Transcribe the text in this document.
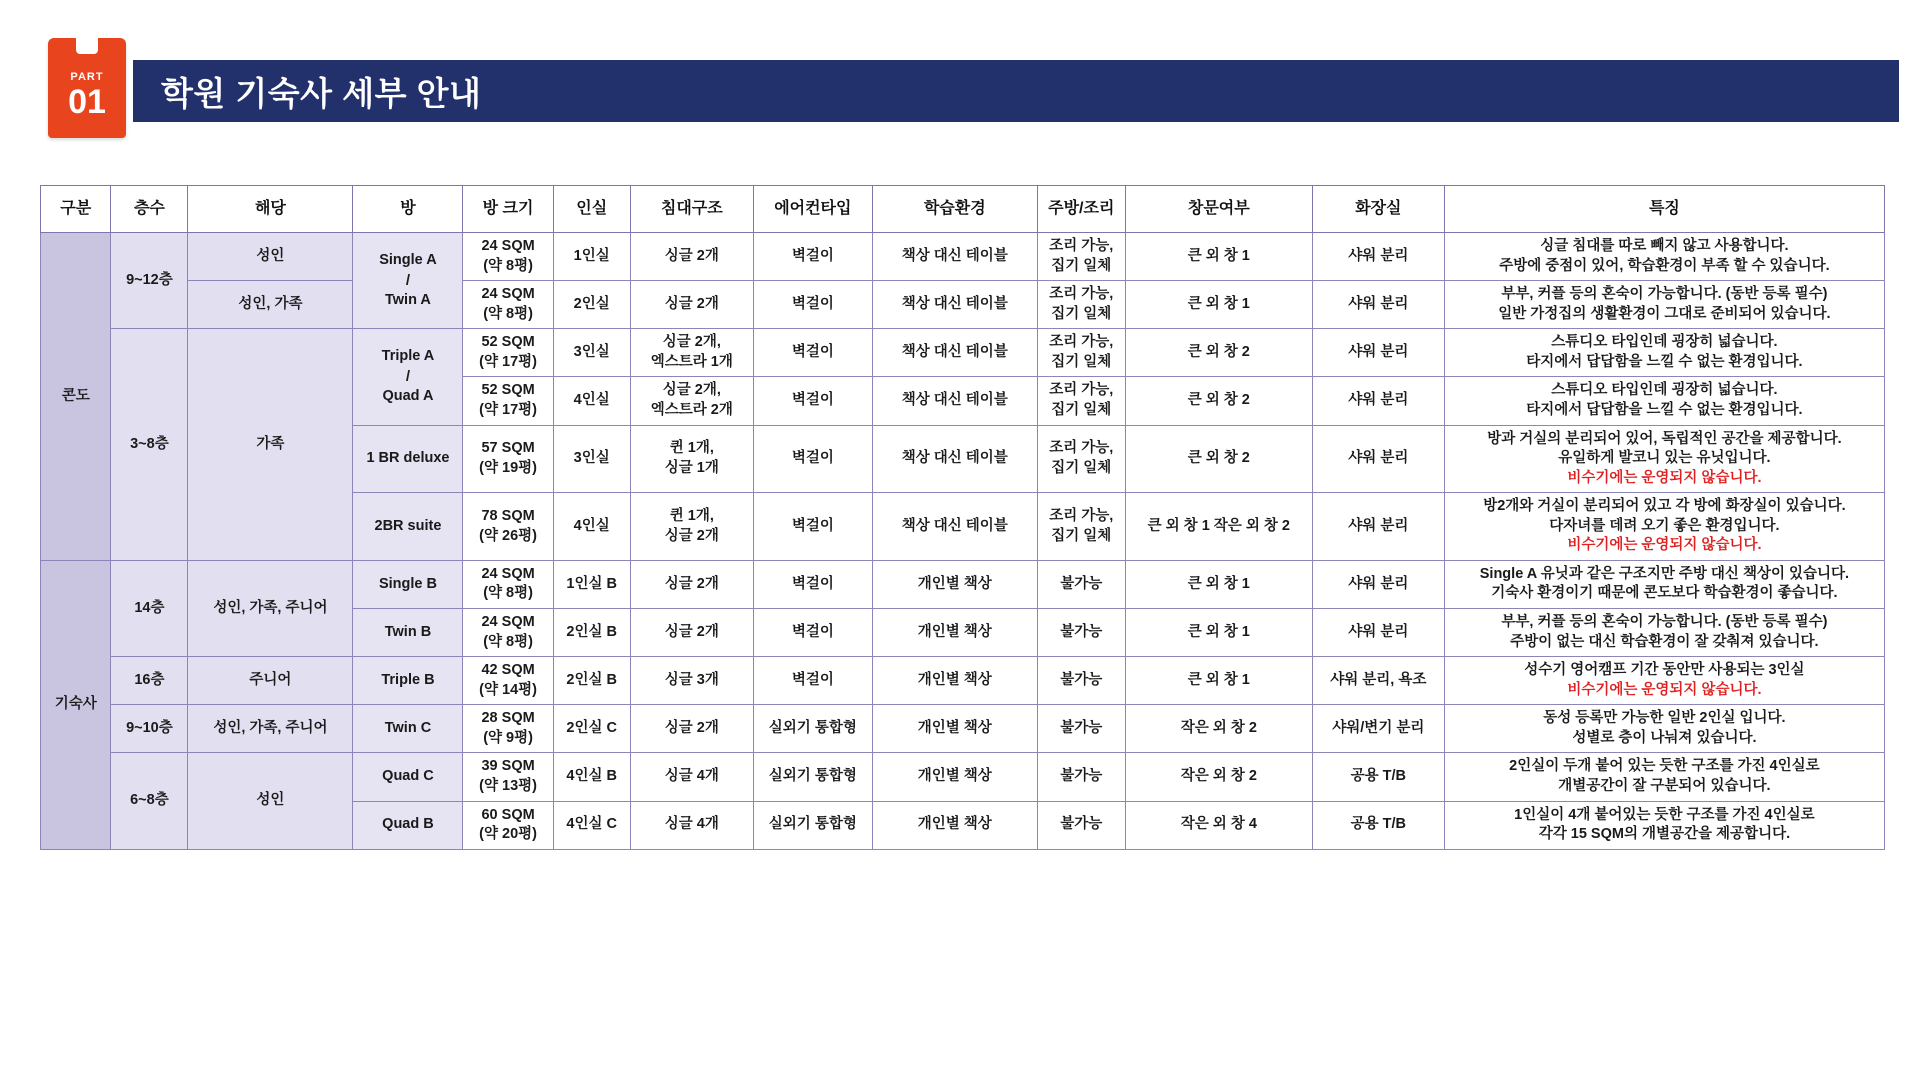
학원 기숙사 세부 안내
PART
01
구분	층수	해당	방	방 크기	인실	침대구조	에어컨타입	학습환경	주방/조리	창문여부	화장실	특징
콘도	9~12층	성인	Single A
/
Twin A	24 SQM
(약 8평)	1인실	싱글 2개	벽걸이	책상 대신 테이블	조리 가능,
집기 일체	큰 외 창 1	샤워 분리	싱글 침대를 따로 빼지 않고 사용합니다.
주방에 중점이 있어, 학습환경이 부족 할 수 있습니다.

		성인, 가족		24 SQM
(약 8평)	2인실	싱글 2개	벽걸이	책상 대신 테이블	조리 가능,
집기 일체	큰 외 창 1	샤워 분리	부부, 커플 등의 혼숙이 가능합니다. (동반 등록 필수)
일반 가정집의 생활환경이 그대로 준비되어 있습니다.

	3~8층	가족	Triple A
/
Quad A	52 SQM
(약 17평)	3인실	싱글 2개,
엑스트라 1개	벽걸이	책상 대신 테이블	조리 가능,
집기 일체	큰 외 창 2	샤워 분리	스튜디오 타입인데 굉장히 넓습니다.
타지에서 답답함을 느낄 수 없는 환경입니다.

				52 SQM
(약 17평)	4인실	싱글 2개,
엑스트라 2개	벽걸이	책상 대신 테이블	조리 가능,
집기 일체	큰 외 창 2	샤워 분리	스튜디오 타입인데 굉장히 넓습니다.
타지에서 답답함을 느낄 수 없는 환경입니다.

			1 BR deluxe	57 SQM
(약 19평)	3인실	퀸 1개,
싱글 1개	벽걸이	책상 대신 테이블	조리 가능,
집기 일체	큰 외 창 2	샤워 분리	방과 거실의 분리되어 있어, 독립적인 공간을 제공합니다.
유일하게 발코니 있는 유닛입니다.
비수기에는 운영되지 않습니다.

			2BR suite	78 SQM
(약 26평)	4인실	퀸 1개,
싱글 2개	벽걸이	책상 대신 테이블	조리 가능,
집기 일체	큰 외 창 1 작은 외 창 2	샤워 분리	방2개와 거실이 분리되어 있고 각 방에 화장실이 있습니다.
다자녀를 데려 오기 좋은 환경입니다.
비수기에는 운영되지 않습니다.

기숙사	14층	성인, 가족, 주니어	Single B	24 SQM
(약 8평)	1인실 B	싱글 2개	벽걸이	개인별 책상	불가능	큰 외 창 1	샤워 분리	Single A 유닛과 같은 구조지만 주방 대신 책상이 있습니다.
기숙사 환경이기 때문에 콘도보다 학습환경이 좋습니다.

			Twin B	24 SQM
(약 8평)	2인실 B	싱글 2개	벽걸이	개인별 책상	불가능	큰 외 창 1	샤워 분리	부부, 커플 등의 혼숙이 가능합니다. (동반 등록 필수)
주방이 없는 대신 학습환경이 잘 갖춰져 있습니다.

	16층	주니어	Triple B	42 SQM
(약 14평)	2인실 B	싱글 3개	벽걸이	개인별 책상	불가능	큰 외 창 1	샤워 분리, 욕조	성수기 영어캠프 기간 동안만 사용되는 3인실
비수기에는 운영되지 않습니다.

	9~10층	성인, 가족, 주니어	Twin C	28 SQM
(약 9평)	2인실 C	싱글 2개	실외기 통합형	개인별 책상	불가능	작은 외 창 2	샤워/변기 분리	동성 등록만 가능한 일반 2인실 입니다.
성별로 층이 나눠져 있습니다.

	6~8층	성인	Quad C	39 SQM
(약 13평)	4인실 B	싱글 4개	실외기 통합형	개인별 책상	불가능	작은 외 창 2	공용 T/B	2인실이 두개 붙어 있는 듯한 구조를 가진 4인실로
개별공간이 잘 구분되어 있습니다.

			Quad B	60 SQM
(약 20평)	4인실 C	싱글 4개	실외기 통합형	개인별 책상	불가능	작은 외 창 4	공용 T/B	1인실이 4개 붙어있는 듯한 구조를 가진 4인실로
각각 15 SQM의 개별공간을 제공합니다.
